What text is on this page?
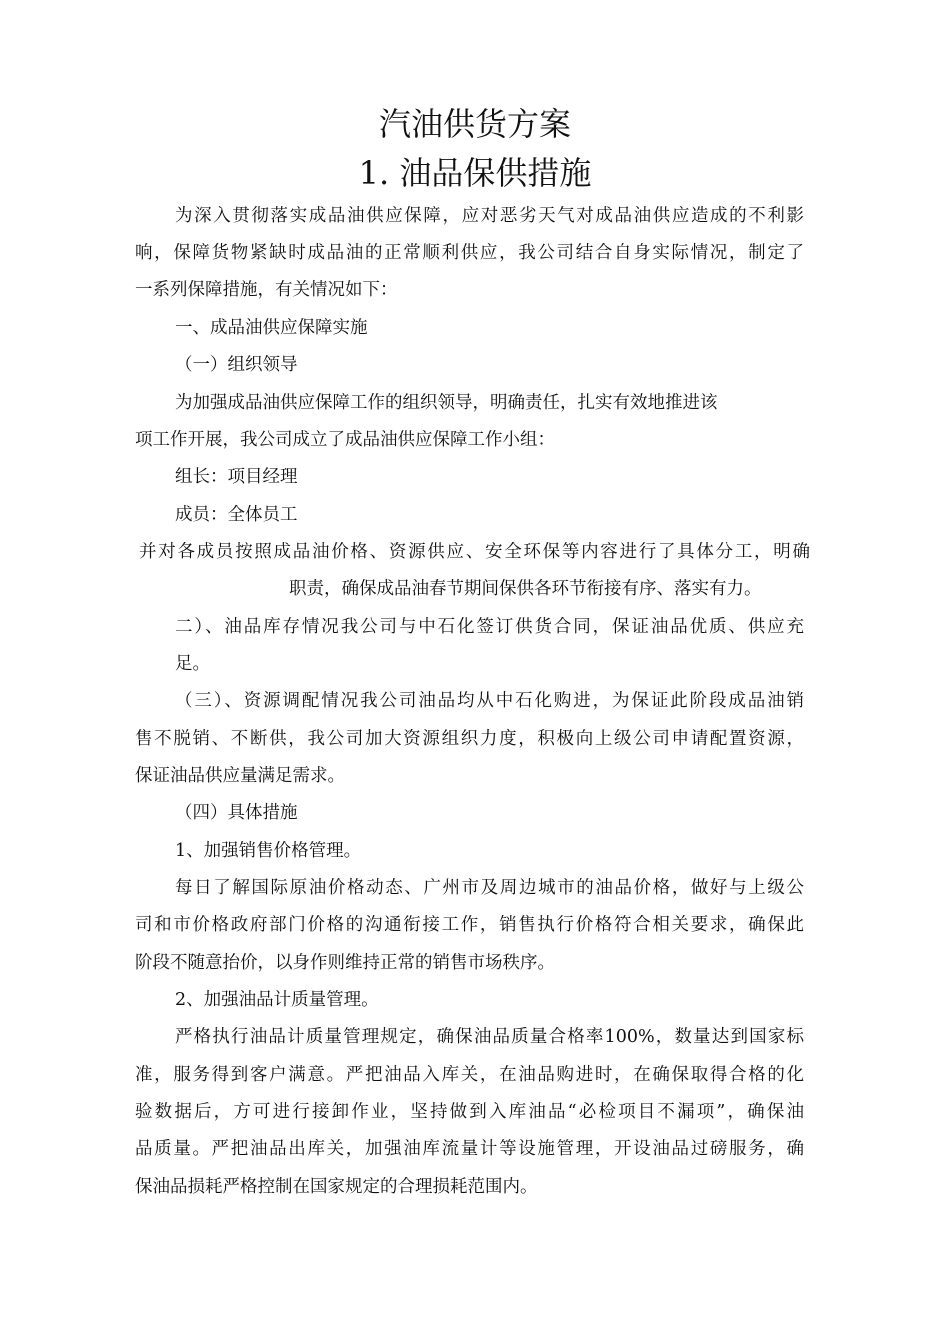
汽油供货方案
1. 油品保供措施
为深入贯彻落实成品油供应保障，应对恶劣天气对成品油供应造成的不利影
响，保障货物紧缺时成品油的正常顺利供应，我公司结合自身实际情况，制定了
一系列保障措施，有关情况如下：
一、成品油供应保障实施
（一）组织领导
为加强成品油供应保障工作的组织领导，明确责任，扎实有效地推进该
项工作开展，我公司成立了成品油供应保障工作小组：
组长：项目经理
成员：全体员工
并对各成员按照成品油价格、资源供应、安全环保等内容进行了具体分工，明确
职责，确保成品油春节期间保供各环节衔接有序、落实有力。
二）、油品库存情况我公司与中石化签订供货合同，保证油品优质、供应充
足。
（三）、资源调配情况我公司油品均从中石化购进，为保证此阶段成品油销
售不脱销、不断供，我公司加大资源组织力度，积极向上级公司申请配置资源，
保证油品供应量满足需求。
（四）具体措施
1、加强销售价格管理。
每日了解国际原油价格动态、广州市及周边城市的油品价格，做好与上级公
司和市价格政府部门价格的沟通衔接工作，销售执行价格符合相关要求，确保此
阶段不随意抬价，以身作则维持正常的销售市场秩序。
2、加强油品计质量管理。
严格执行油品计质量管理规定，确保油品质量合格率100%，数量达到国家标
准，服务得到客户满意。严把油品入库关，在油品购进时，在确保取得合格的化
验数据后，方可进行接卸作业，坚持做到入库油品“必检项目不漏项”，确保油
品质量。严把油品出库关，加强油库流量计等设施管理，开设油品过磅服务，确
保油品损耗严格控制在国家规定的合理损耗范围内。
